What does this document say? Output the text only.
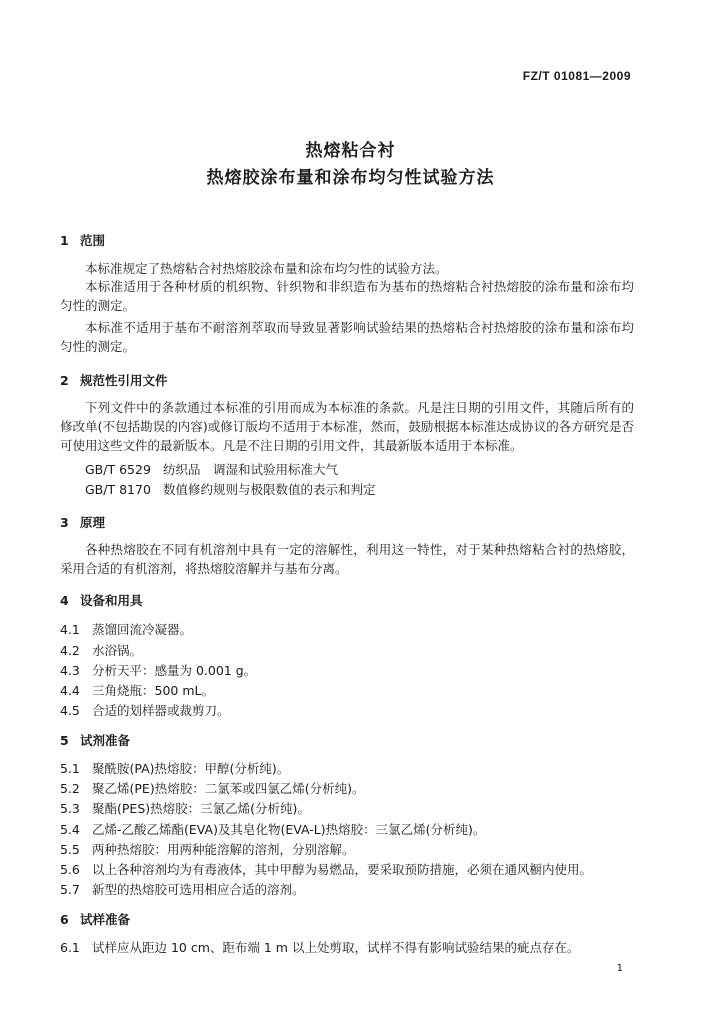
FZ/T 01081—2009
热熔粘合衬
热熔胶涂布量和涂布均匀性试验方法
1 范围
本标准规定了热熔粘合衬热熔胶涂布量和涂布均匀性的试验方法。
本标准适用于各种材质的机织物、针织物和非织造布为基布的热熔粘合衬热熔胶的涂布量和涂布均匀性的测定。
本标准不适用于基布不耐溶剂萃取而导致显著影响试验结果的热熔粘合衬热熔胶的涂布量和涂布均匀性的测定。
2 规范性引用文件
下列文件中的条款通过本标准的引用而成为本标准的条款。凡是注日期的引用文件，其随后所有的修改单(不包括勘误的内容)或修订版均不适用于本标准，然而，鼓励根据本标准达成协议的各方研究是否可使用这些文件的最新版本。凡是不注日期的引用文件，其最新版本适用于本标准。
GB/T 6529 纺织品　调湿和试验用标准大气
GB/T 8170 数值修约规则与极限数值的表示和判定
3 原理
各种热熔胶在不同有机溶剂中具有一定的溶解性，利用这一特性，对于某种热熔粘合衬的热熔胶，采用合适的有机溶剂，将热熔胶溶解并与基布分离。
4 设备和用具
4.1 蒸馏回流冷凝器。
4.2 水浴锅。
4.3 分析天平：感量为 0.001 g。
4.4 三角烧瓶：500 mL。
4.5 合适的划样器或裁剪刀。
5 试剂准备
5.1 聚酰胺(PA)热熔胶：甲醇(分析纯)。
5.2 聚乙烯(PE)热熔胶：二氯苯或四氯乙烯(分析纯)。
5.3 聚酯(PES)热熔胶：三氯乙烯(分析纯)。
5.4 乙烯-乙酸乙烯酯(EVA)及其皂化物(EVA-L)热熔胶：三氯乙烯(分析纯)。
5.5 两种热熔胶：用两种能溶解的溶剂，分别溶解。
5.6 以上各种溶剂均为有毒液体，其中甲醇为易燃品，要采取预防措施，必须在通风橱内使用。
5.7 新型的热熔胶可选用相应合适的溶剂。
6 试样准备
6.1 试样应从距边 10 cm、距布端 1 m 以上处剪取，试样不得有影响试验结果的疵点存在。
1
